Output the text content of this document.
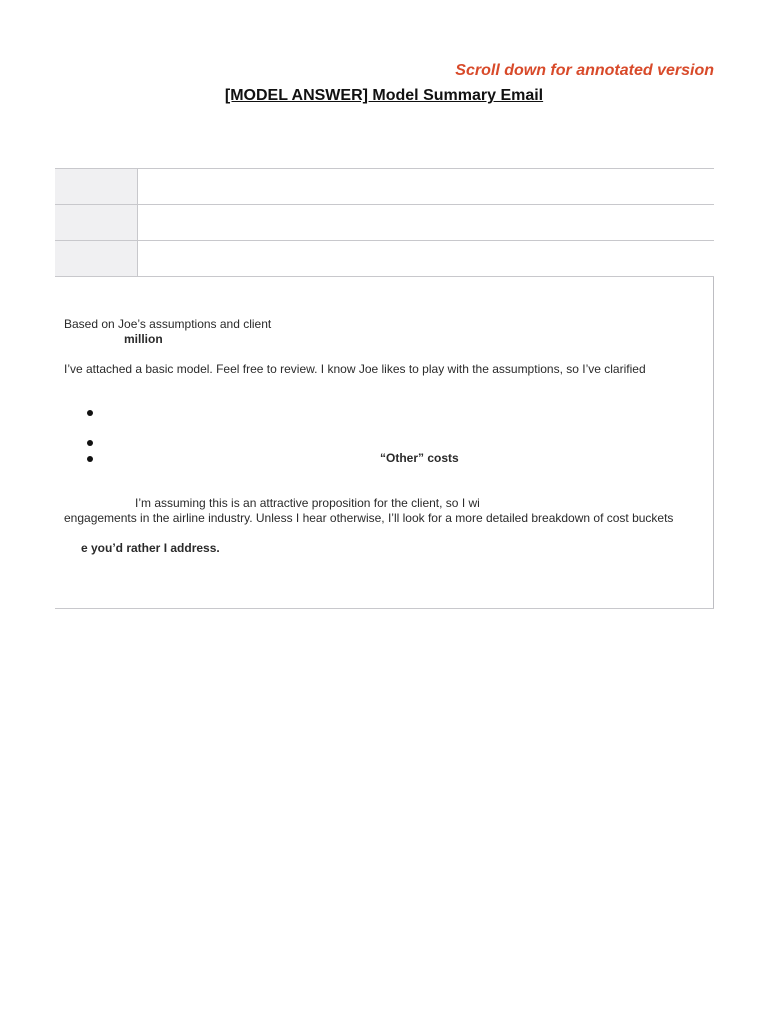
Scroll down for annotated version
[MODEL ANSWER] Model Summary Email

Based on Joe’s assumptions and client
million
I’ve attached a basic model. Feel free to review. I know Joe likes to play with the assumptions, so I’ve clarified
“Other” costs
I’m assuming this is an attractive proposition for the client, so I wi
engagements in the airline industry. Unless I hear otherwise, I’ll look for a more detailed breakdown of cost buckets
e you’d rather I address.
